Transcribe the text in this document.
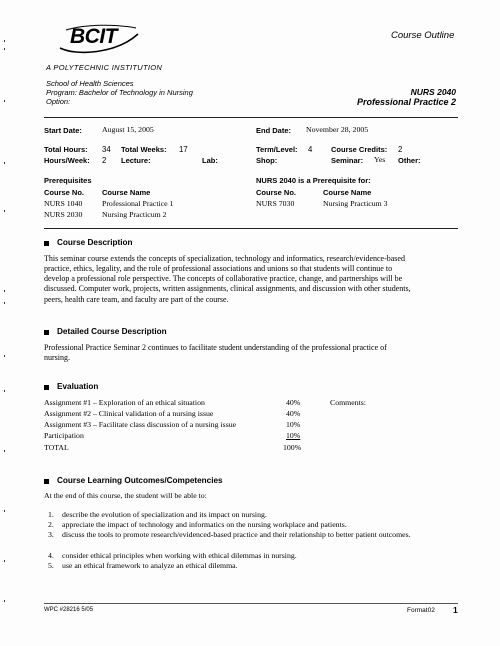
BCIT	Course Outline
A POLYTECHNIC INSTITUTION
School of Health Sciences
Program: Bachelor of Technology in Nursing
Option:
NURS 2040
Professional Practice 2
Start Date:	August 15, 2005	End Date: November 28, 2005
Total Hours: 34 Total Weeks: 17	Term/Level: 4 Course Credits: 2
Hours/Week: 2 Lecture:	Lab:	Shop:	Seminar: Yes Other:
Prerequisites	NURS 2040 is a Prerequisite for:
Course No. Course Name	Course No.	Course Name
NURS 1040	Professional Practice 1
NURS 2030	Nursing Practicum 2
NURS 7030	Nursing Practicum 3
Course Description
This seminar course extends the concepts of specialization, technology and informatics, research/evidence-based
practice, ethics, legality, and the role of professional associations and unions so that students will continue to
develop a professional role perspective. The concepts of collaborative practice, change, and partnerships will be
discussed. Computer work, projects, written assignments, clinical assignments, and discussion with other students,
peers, health care team, and faculty are part of the course.
Detailed Course Description
Professional Practice Seminar 2 continues to facilitate student understanding of the professional practice of
nursing.
Evaluation
Assignment #1 – Exploration of an ethical situation	40%
Assignment #2 – Clinical validation of a nursing issue	40%
Assignment #3 – Facilitate class discussion of a nursing issue	10%
Participation	10%
TOTAL	100%
Comments:
Course Learning Outcomes/Competencies
At the end of this course, the student will be able to:
1. describe the evolution of specialization and its impact on nursing.
2. appreciate the impact of technology and informatics on the nursing workplace and patients.
3. discuss the tools to promote research/evidenced-based practice and their relationship to better patient outcomes.
4. consider ethical principles when working with ethical dilemmas in nursing.
5. use an ethical framework to analyze an ethical dilemma.
WPC #28216 5/05	Format02 1
